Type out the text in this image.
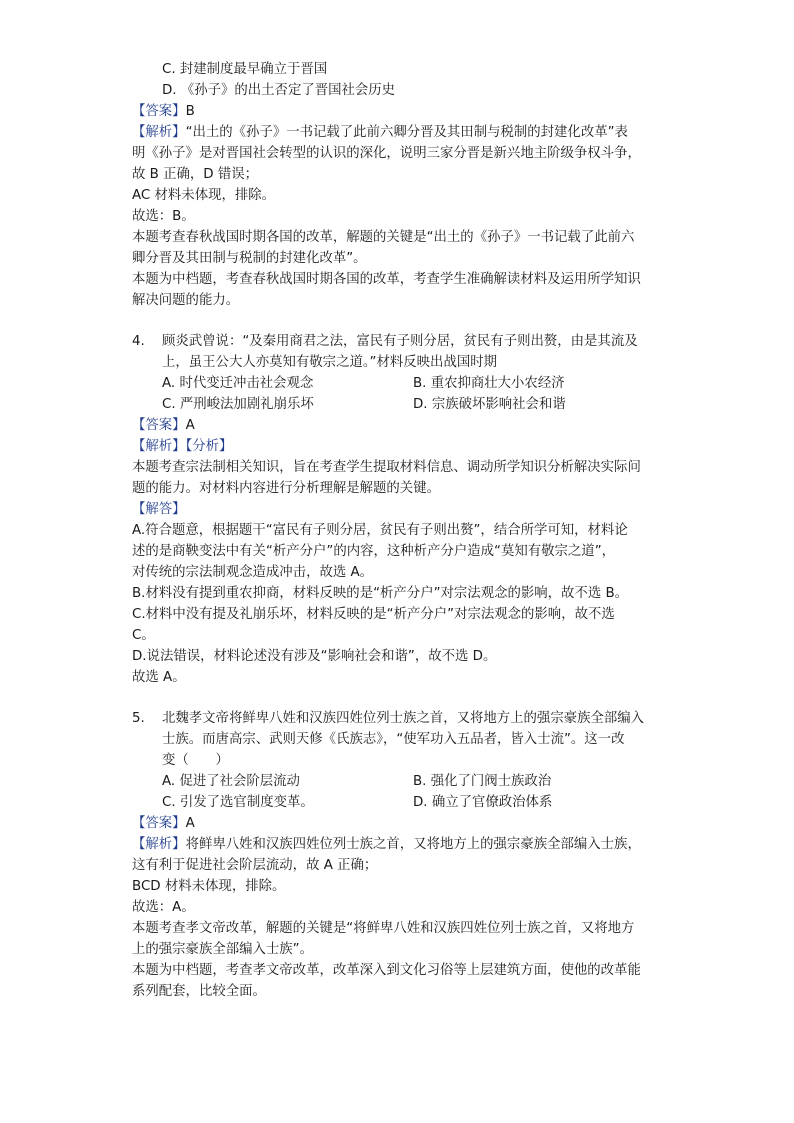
C. 封建制度最早确立于晋国
D. 《孙子》的出土否定了晋国社会历史
【答案】B
【解析】“出土的《孙子》一书记载了此前六卿分晋及其田制与税制的封建化改革”表
明《孙子》是对晋国社会转型的认识的深化，说明三家分晋是新兴地主阶级争权斗争，
故 B 正确，D 错误；
AC 材料未体现，排除。
故选：B。
本题考查春秋战国时期各国的改革，解题的关键是“出土的《孙子》一书记载了此前六
卿分晋及其田制与税制的封建化改革”。
本题为中档题，考查春秋战国时期各国的改革，考查学生准确解读材料及运用所学知识
解决问题的能力。
4. 顾炎武曾说：“及秦用商君之法，富民有子则分居，贫民有子则出赘，由是其流及
上，虽王公大人亦莫知有敬宗之道。”材料反映出战国时期
A. 时代变迁冲击社会观念	B. 重农抑商壮大小农经济
C. 严刑峻法加剧礼崩乐坏	D. 宗族破坏影响社会和谐
【答案】A
【解析】【分析】
本题考查宗法制相关知识，旨在考查学生提取材料信息、调动所学知识分析解决实际问
题的能力。对材料内容进行分析理解是解题的关键。
【解答】
A.符合题意，根据题干“富民有子则分居，贫民有子则出赘”，结合所学可知，材料论
述的是商鞅变法中有关“析产分户”的内容，这种析产分户造成“莫知有敬宗之道”，
对传统的宗法制观念造成冲击，故选 A。
B.材料没有提到重农抑商，材料反映的是“析产分户”对宗法观念的影响，故不选 B。
C.材料中没有提及礼崩乐坏，材料反映的是“析产分户”对宗法观念的影响，故不选
C。
D.说法错误，材料论述没有涉及“影响社会和谐”，故不选 D。
故选 A。
5. 北魏孝文帝将鲜卑八姓和汉族四姓位列士族之首，又将地方上的强宗豪族全部编入
士族。而唐高宗、武则天修《氏族志》，“使军功入五品者，皆入士流”。这一改
变（　　）
A. 促进了社会阶层流动	B. 强化了门阀士族政治
C. 引发了选官制度变革。	D. 确立了官僚政治体系
【答案】A
【解析】将鲜卑八姓和汉族四姓位列士族之首，又将地方上的强宗豪族全部编入士族，
这有利于促进社会阶层流动，故 A 正确；
BCD 材料未体现，排除。
故选：A。
本题考查孝文帝改革，解题的关键是“将鲜卑八姓和汉族四姓位列士族之首，又将地方
上的强宗豪族全部编入士族”。
本题为中档题，考查孝文帝改革，改革深入到文化习俗等上层建筑方面，使他的改革能
系列配套，比较全面。
